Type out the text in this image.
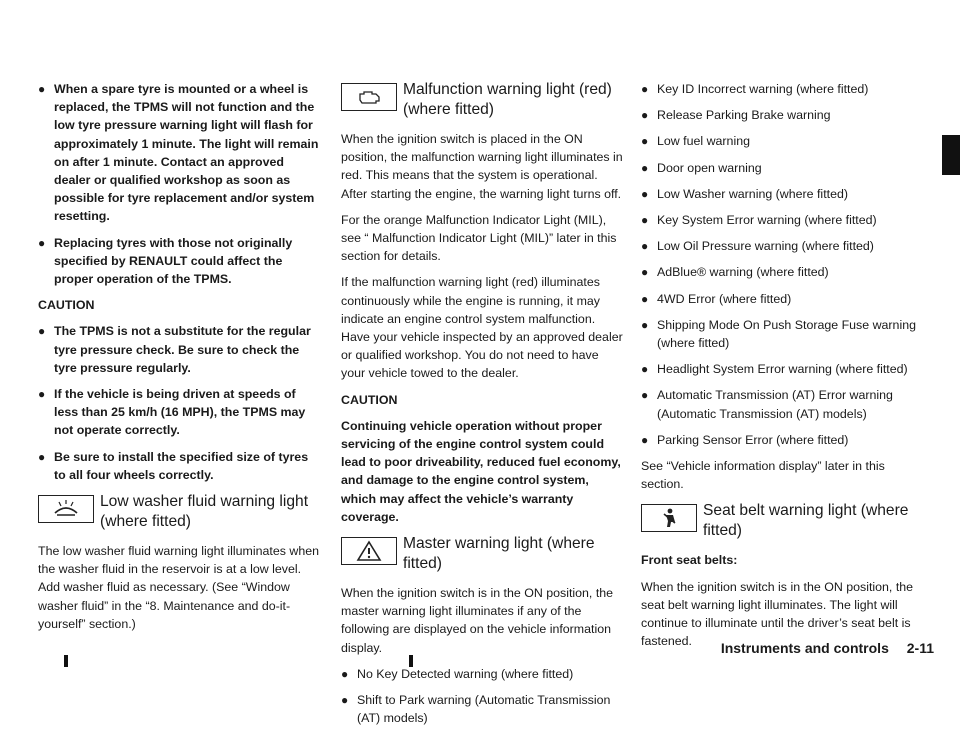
● When a spare tyre is mounted or a wheel is replaced, the TPMS will not function and the low tyre pressure warning light will flash for approximately 1 minute. The light will remain on after 1 minute. Contact an approved dealer or qualified workshop as soon as possible for tyre replacement and/or system resetting.
● Replacing tyres with those not originally specified by RENAULT could affect the proper operation of the TPMS.
CAUTION
● The TPMS is not a substitute for the regular tyre pressure check. Be sure to check the tyre pressure regularly.
● If the vehicle is being driven at speeds of less than 25 km/h (16 MPH), the TPMS may not operate correctly.
● Be sure to install the specified size of tyres to all four wheels correctly.
Low washer fluid warning light (where fitted)
The low washer fluid warning light illuminates when the washer fluid in the reservoir is at a low level. Add washer fluid as necessary. (See “Window washer fluid” in the “8. Maintenance and do-it-yourself” section.)
Malfunction warning light (red) (where fitted)
When the ignition switch is placed in the ON position, the malfunction warning light illuminates in red. This means that the system is operational. After starting the engine, the warning light turns off.
For the orange Malfunction Indicator Light (MIL), see “ Malfunction Indicator Light (MIL)” later in this section for details.
If the malfunction warning light (red) illuminates continuously while the engine is running, it may indicate an engine control system malfunction. Have your vehicle inspected by an approved dealer or qualified workshop. You do not need to have your vehicle towed to the dealer.
CAUTION
Continuing vehicle operation without proper servicing of the engine control system could lead to poor driveability, reduced fuel economy, and damage to the engine control system, which may affect the vehicle’s warranty coverage.
Master warning light (where fitted)
When the ignition switch is in the ON position, the master warning light illuminates if any of the following are displayed on the vehicle information display.
● No Key Detected warning (where fitted)
● Shift to Park warning (Automatic Transmission (AT) models)
● Key ID Incorrect warning (where fitted)
● Release Parking Brake warning
● Low fuel warning
● Door open warning
● Low Washer warning (where fitted)
● Key System Error warning (where fitted)
● Low Oil Pressure warning (where fitted)
● AdBlue® warning (where fitted)
● 4WD Error (where fitted)
● Shipping Mode On Push Storage Fuse warning (where fitted)
● Headlight System Error warning (where fitted)
● Automatic Transmission (AT) Error warning (Automatic Transmission (AT) models)
● Parking Sensor Error (where fitted)
See “Vehicle information display” later in this section.
Seat belt warning light (where fitted)
Front seat belts:
When the ignition switch is in the ON position, the seat belt warning light illuminates. The light will continue to illuminate until the driver’s seat belt is fastened.	Instruments and controls 2-11
